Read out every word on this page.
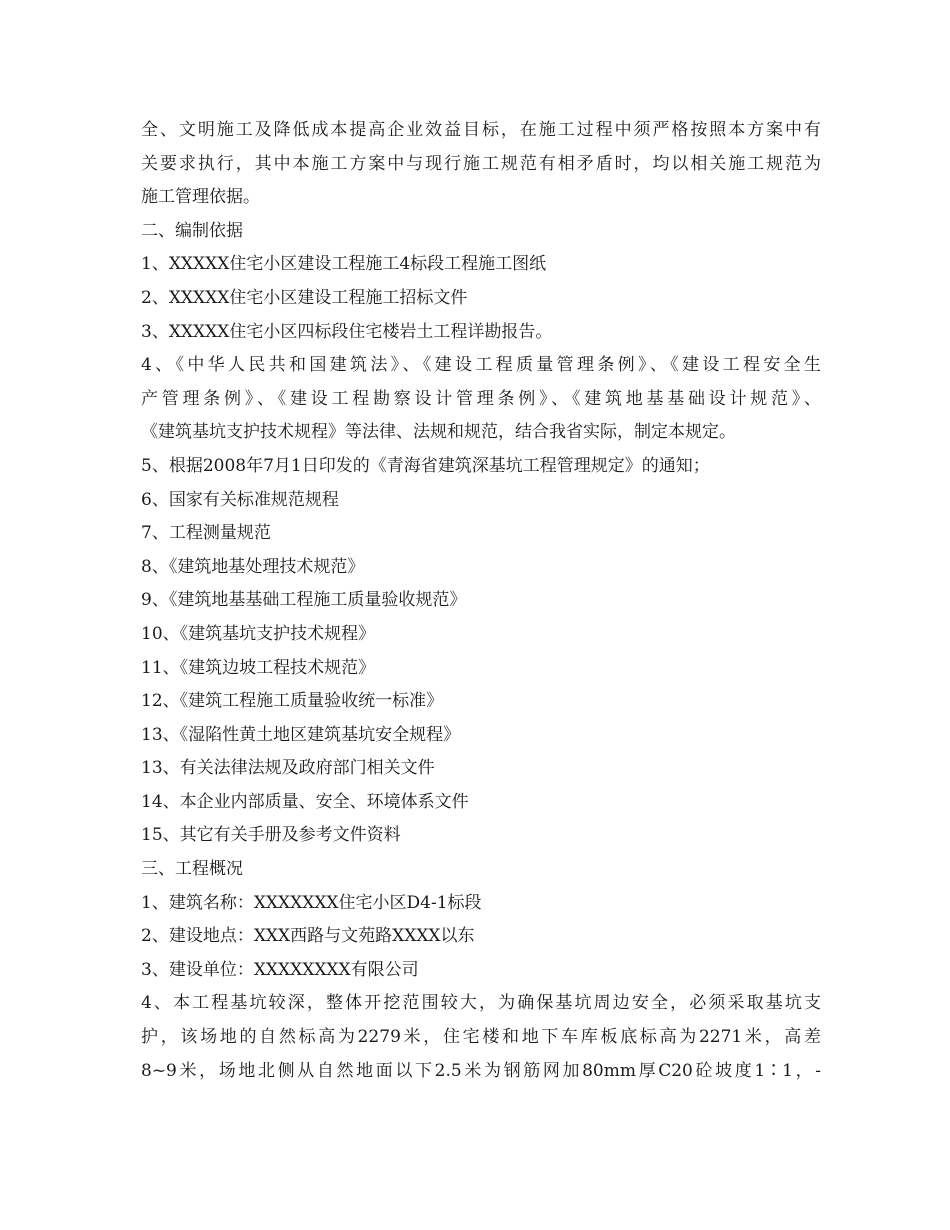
全、文明施工及降低成本提高企业效益目标，在施工过程中须严格按照本方案中有
关要求执行，其中本施工方案中与现行施工规范有相矛盾时，均以相关施工规范为
施工管理依据。
二、编制依据
1、XXXXX住宅小区建设工程施工4标段工程施工图纸
2、XXXXX住宅小区建设工程施工招标文件
3、XXXXX住宅小区四标段住宅楼岩土工程详勘报告。
4、《中华人民共和国建筑法》、《建设工程质量管理条例》、《建设工程安全生
产管理条例》、《建设工程勘察设计管理条例》、《建筑地基基础设计规范》、
《建筑基坑支护技术规程》等法律、法规和规范，结合我省实际，制定本规定。
5、根据2008年7月1日印发的《青海省建筑深基坑工程管理规定》的通知；
6、国家有关标准规范规程
7、工程测量规范
8、《建筑地基处理技术规范》
9、《建筑地基基础工程施工质量验收规范》
10、《建筑基坑支护技术规程》
11、《建筑边坡工程技术规范》
12、《建筑工程施工质量验收统一标准》
13、《湿陷性黄土地区建筑基坑安全规程》
13、有关法律法规及政府部门相关文件
14、本企业内部质量、安全、环境体系文件
15、其它有关手册及参考文件资料
三、工程概况
1、建筑名称：XXXXXXX住宅小区D4-1标段
2、建设地点：XXX西路与文苑路XXXX以东
3、建设单位：XXXXXXXX有限公司
4、本工程基坑较深，整体开挖范围较大，为确保基坑周边安全，必须采取基坑支
护，该场地的自然标高为2279米，住宅楼和地下车库板底标高为2271米，高差
8~9米，场地北侧从自然地面以下2.5米为钢筋网加80mm厚C20砼坡度1∶1，-
